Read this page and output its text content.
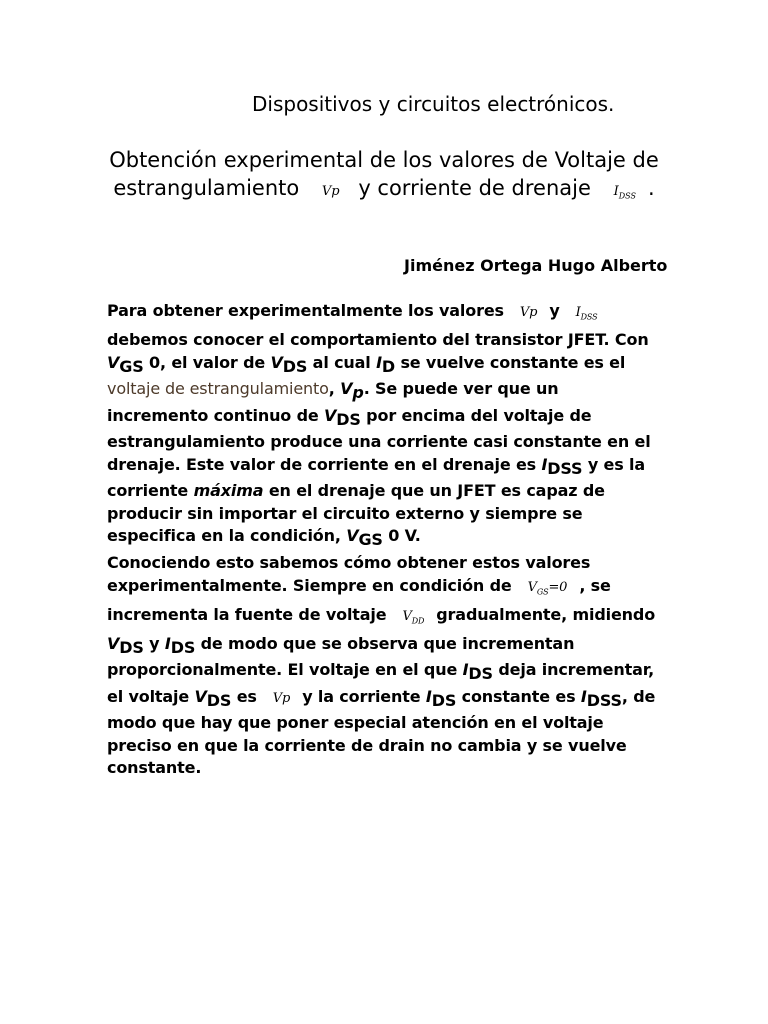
Dispositivos y circuitos electrónicos.
Obtención experimental de los valores de Voltaje de estrangulamiento Vp y corriente de drenaje $I_{DSS}$ .
Jiménez Ortega Hugo Alberto
Para obtener experimentalmente los valores Vp y $I_{DSS}$
debemos conocer el comportamiento del transistor JFET. Con
VGS 0, el valor de VDS al cual ID se vuelve constante es el
voltaje de estrangulamiento, Vp. Se puede ver que un
incremento continuo de VDS por encima del voltaje de
estrangulamiento produce una corriente casi constante en el
drenaje. Este valor de corriente en el drenaje es IDSS y es la
corriente máxima en el drenaje que un JFET es capaz de
producir sin importar el circuito externo y siempre se
especifica en la condición, VGS 0 V.
Conociendo esto sabemos cómo obtener estos valores
experimentalmente. Siempre en condición de $V_{GS}=0$ , se
incrementa la fuente de voltaje $V_{DD}$ gradualmente, midiendo
VDS y IDS de modo que se observa que incrementan
proporcionalmente. El voltaje en el que IDS deja incrementar,
el voltaje VDS es Vp y la corriente IDS constante es IDSS, de
modo que hay que poner especial atención en el voltaje
preciso en que la corriente de drain no cambia y se vuelve
constante.
